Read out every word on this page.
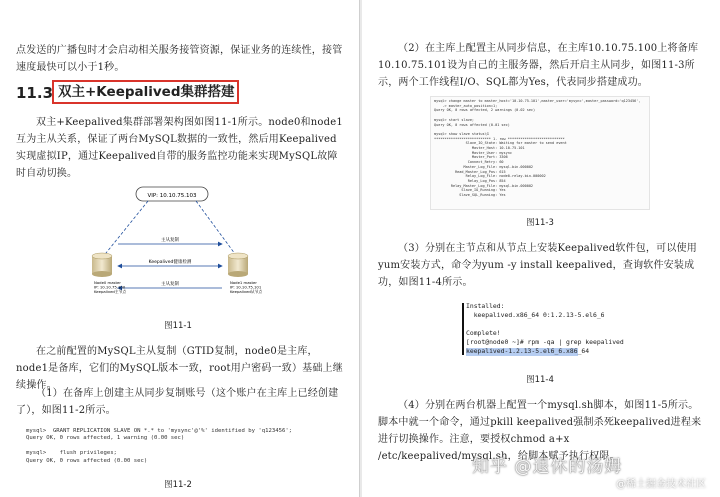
点发送的广播包时才会启动相关服务接管资源，保证业务的连续性，接管速度最快可以小于1秒。

11.3 双主+Keepalived集群搭建

双主+Keepalived集群部署架构图如图11-1所示。node0和node1互为主从关系，保证了两台MySQL数据的一致性，然后用Keepalived实现虚拟IP，通过Keepalived自带的服务监控功能来实现MySQL故障时自动切换。

VIP: 10.10.75.103
主从复制
Keepalived健康检测
主从复制
Node0 master IP: 10.10.75.100 Keepalived主节点
Node1 master IP: 10.10.75.101 Keepalived从节点
图11-1

在之前配置的MySQL主从复制（GTID复制，node0是主库，node1是备库，它们的MySQL版本一致，root用户密码一致）基础上继续操作。

（1）在备库上创建主从同步复制账号（这个账户在主库上已经创建了），如图11-2所示。

mysql>  GRANT REPLICATION SLAVE ON *.* to 'mysync'@'%' identified by 'q123456';
Query OK, 0 rows affected, 1 warning (0.00 sec)

mysql>    flush privileges;
Query OK, 0 rows affected (0.00 sec)
图11-2

（2）在主库上配置主从同步信息，在主库10.10.75.100上将备库10.10.75.101设为自己的主服务器，然后开启主从同步，如图11-3所示，两个工作线程I/O、SQL都为Yes，代表同步搭建成功。

mysql> change master to master_host='10.10.75.101',master_user='mysync',master_password='q123456',
-> master_auto_position=1;
Query OK, 0 rows affected, 2 warnings (0.02 sec)

mysql> start slave;
Query OK, 0 rows affected (0.01 sec)

mysql> show slave status\G
*************************** 1. row ***************************
Slave_IO_State: Waiting for master to send event
Master_Host: 10.10.75.101
Master_User: mysync
Master_Port: 3306
Connect_Retry: 60
Master_Log_File: mysql-bin.000002
Read_Master_Log_Pos: 615
Relay_Log_File: node0-relay-bin.000002
Relay_Log_Pos: 854
Relay_Master_Log_File: mysql-bin.000002
Slave_IO_Running: Yes
Slave_SQL_Running: Yes
图11-3

（3）分别在主节点和从节点上安装Keepalived软件包，可以使用yum安装方式，命令为yum -y install keepalived，查询软件安装成功，如图11-4所示。

Installed:
keepalived.x86_64 0:1.2.13-5.el6_6
Complete!
[root@node0 ~]# rpm -qa | grep keepalived
keepalived-1.2.13-5.el6_6.x86_64
图11-4

（4）分别在两台机器上配置一个mysql.sh脚本，如图11-5所示。脚本中就一个命令，通过pkill keepalived强制杀死keepalived进程来进行切换操作。注意，要授权chmod a+x /etc/keepalived/mysql.sh，给脚本赋予执行权限。

知乎 @退休的汤姆
@稀土掘金技术社区
